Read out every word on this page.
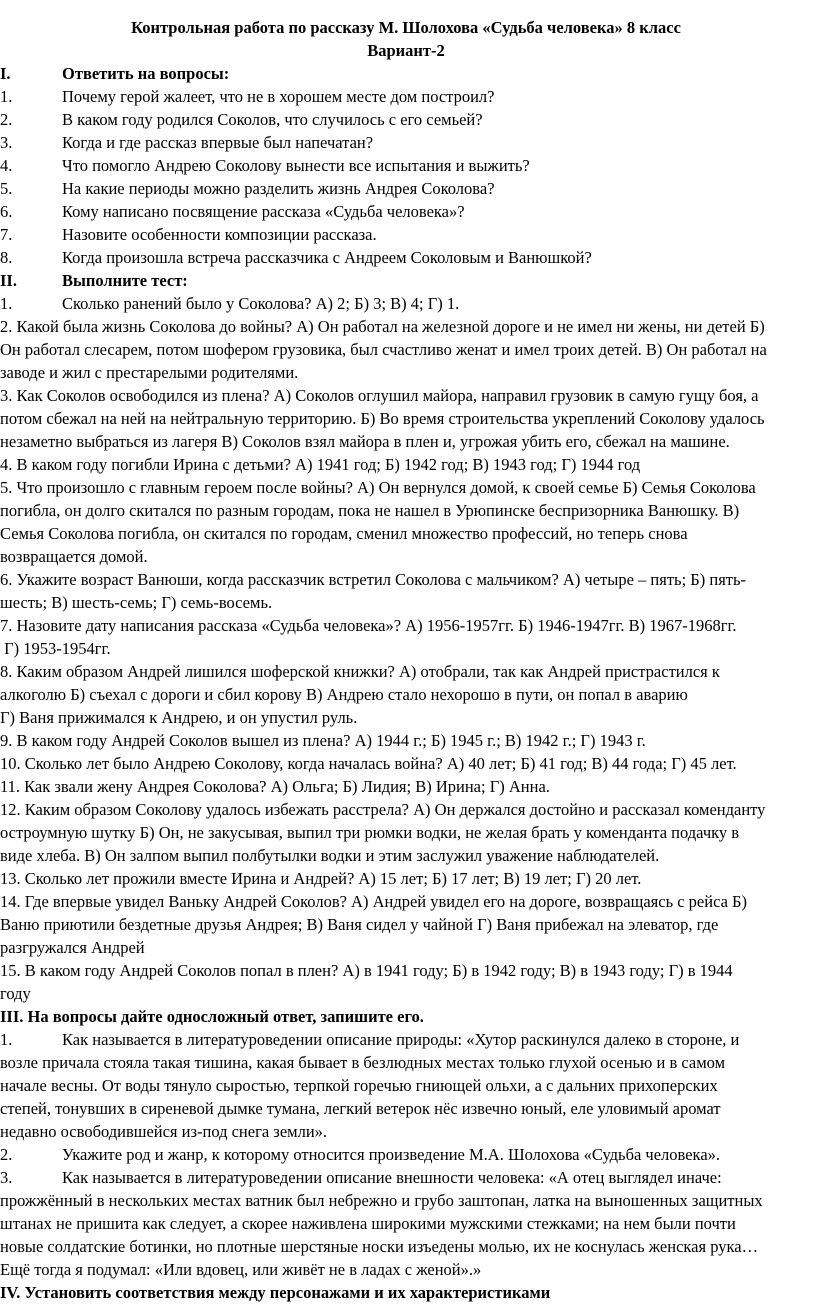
Контрольная работа по рассказу М. Шолохова «Судьба человека» 8 класс
Вариант-2
I.	Ответить на вопросы:
1.	Почему герой жалеет, что не в хорошем месте дом построил?
2.	В каком году родился Соколов, что случилось с его семьей?
3.	Когда и где рассказ впервые был напечатан?
4.	Что помогло Андрею Соколову вынести все испытания и выжить?
5.	На какие периоды можно разделить жизнь Андрея Соколова?
6.	Кому написано посвящение рассказа «Судьба человека»?
7.	Назовите особенности композиции рассказа.
8.	Когда произошла встреча рассказчика с Андреем Соколовым и Ванюшкой?
II.	Выполните тест:
1.	Сколько ранений было у Соколова? А) 2; Б) 3; В) 4; Г) 1.
2. Какой была жизнь Соколова до войны? А) Он работал на железной дороге и не имел ни жены, ни детей Б)
Он работал слесарем, потом шофером грузовика, был счастливо женат и имел троих детей. В) Он работал на
заводе и жил с престарелыми родителями.
3. Как Соколов освободился из плена? А) Соколов оглушил майора, направил грузовик в самую гущу боя, а
потом сбежал на ней на нейтральную территорию. Б) Во время строительства укреплений Соколову удалось
незаметно выбраться из лагеря В) Соколов взял майора в плен и, угрожая убить его, сбежал на машине.
4. В каком году погибли Ирина с детьми? А) 1941 год; Б) 1942 год; В) 1943 год; Г) 1944 год
5. Что произошло с главным героем после войны? А) Он вернулся домой, к своей семье Б) Семья Соколова
погибла, он долго скитался по разным городам, пока не нашел в Урюпинске беспризорника Ванюшку. В)
Семья Соколова погибла, он скитался по городам, сменил множество профессий, но теперь снова
возвращается домой.
6. Укажите возраст Ванюши, когда рассказчик встретил Соколова с мальчиком? А) четыре – пять; Б) пять-
шесть; В) шесть-семь; Г) семь-восемь.
7. Назовите дату написания рассказа «Судьба человека»? А) 1956-1957гг. Б) 1946-1947гг. В) 1967-1968гг.
Г) 1953-1954гг.
8. Каким образом Андрей лишился шоферской книжки? А) отобрали, так как Андрей пристрастился к
алкоголю Б) съехал с дороги и сбил корову В) Андрею стало нехорошо в пути, он попал в аварию
Г) Ваня прижимался к Андрею, и он упустил руль.
9. В каком году Андрей Соколов вышел из плена? А) 1944 г.; Б) 1945 г.; В) 1942 г.; Г) 1943 г.
10. Сколько лет было Андрею Соколову, когда началась война? А) 40 лет; Б) 41 год; В) 44 года; Г) 45 лет.
11. Как звали жену Андрея Соколова? А) Ольга; Б) Лидия; В) Ирина; Г) Анна.
12. Каким образом Соколову удалось избежать расстрела? А) Он держался достойно и рассказал коменданту
остроумную шутку Б) Он, не закусывая, выпил три рюмки водки, не желая брать у коменданта подачку в
виде хлеба. В) Он залпом выпил полбутылки водки и этим заслужил уважение наблюдателей.
13. Сколько лет прожили вместе Ирина и Андрей? А) 15 лет; Б) 17 лет; В) 19 лет; Г) 20 лет.
14. Где впервые увидел Ваньку Андрей Соколов? А) Андрей увидел его на дороге, возвращаясь с рейса Б)
Ваню приютили бездетные друзья Андрея; В) Ваня сидел у чайной Г) Ваня прибежал на элеватор, где
разгружался Андрей
15. В каком году Андрей Соколов попал в плен? А) в 1941 году; Б) в 1942 году; В) в 1943 году; Г) в 1944
году
III. На вопросы дайте односложный ответ, запишите его.
1.	Как называется в литературоведении описание природы: «Хутор раскинулся далеко в стороне, и
возле причала стояла такая тишина, какая бывает в безлюдных местах только глухой осенью и в самом
начале весны. От воды тянуло сыростью, терпкой горечью гниющей ольхи, а с дальних прихоперских
степей, тонувших в сиреневой дымке тумана, легкий ветерок нёс извечно юный, еле уловимый аромат
недавно освободившейся из-под снега земли».
2.	Укажите род и жанр, к которому относится произведение М.А. Шолохова «Судьба человека».
3.	Как называется в литературоведении описание внешности человека: «А отец выглядел иначе:
прожжённый в нескольких местах ватник был небрежно и грубо заштопан, латка на выношенных защитных
штанах не пришита как следует, а скорее наживлена широкими мужскими стежками; на нем были почти
новые солдатские ботинки, но плотные шерстяные носки изъедены молью, их не коснулась женская рука…
Ещё тогда я подумал: «Или вдовец, или живёт не в ладах с женой».»
IV. Установить соответствия между персонажами и их характеристиками
